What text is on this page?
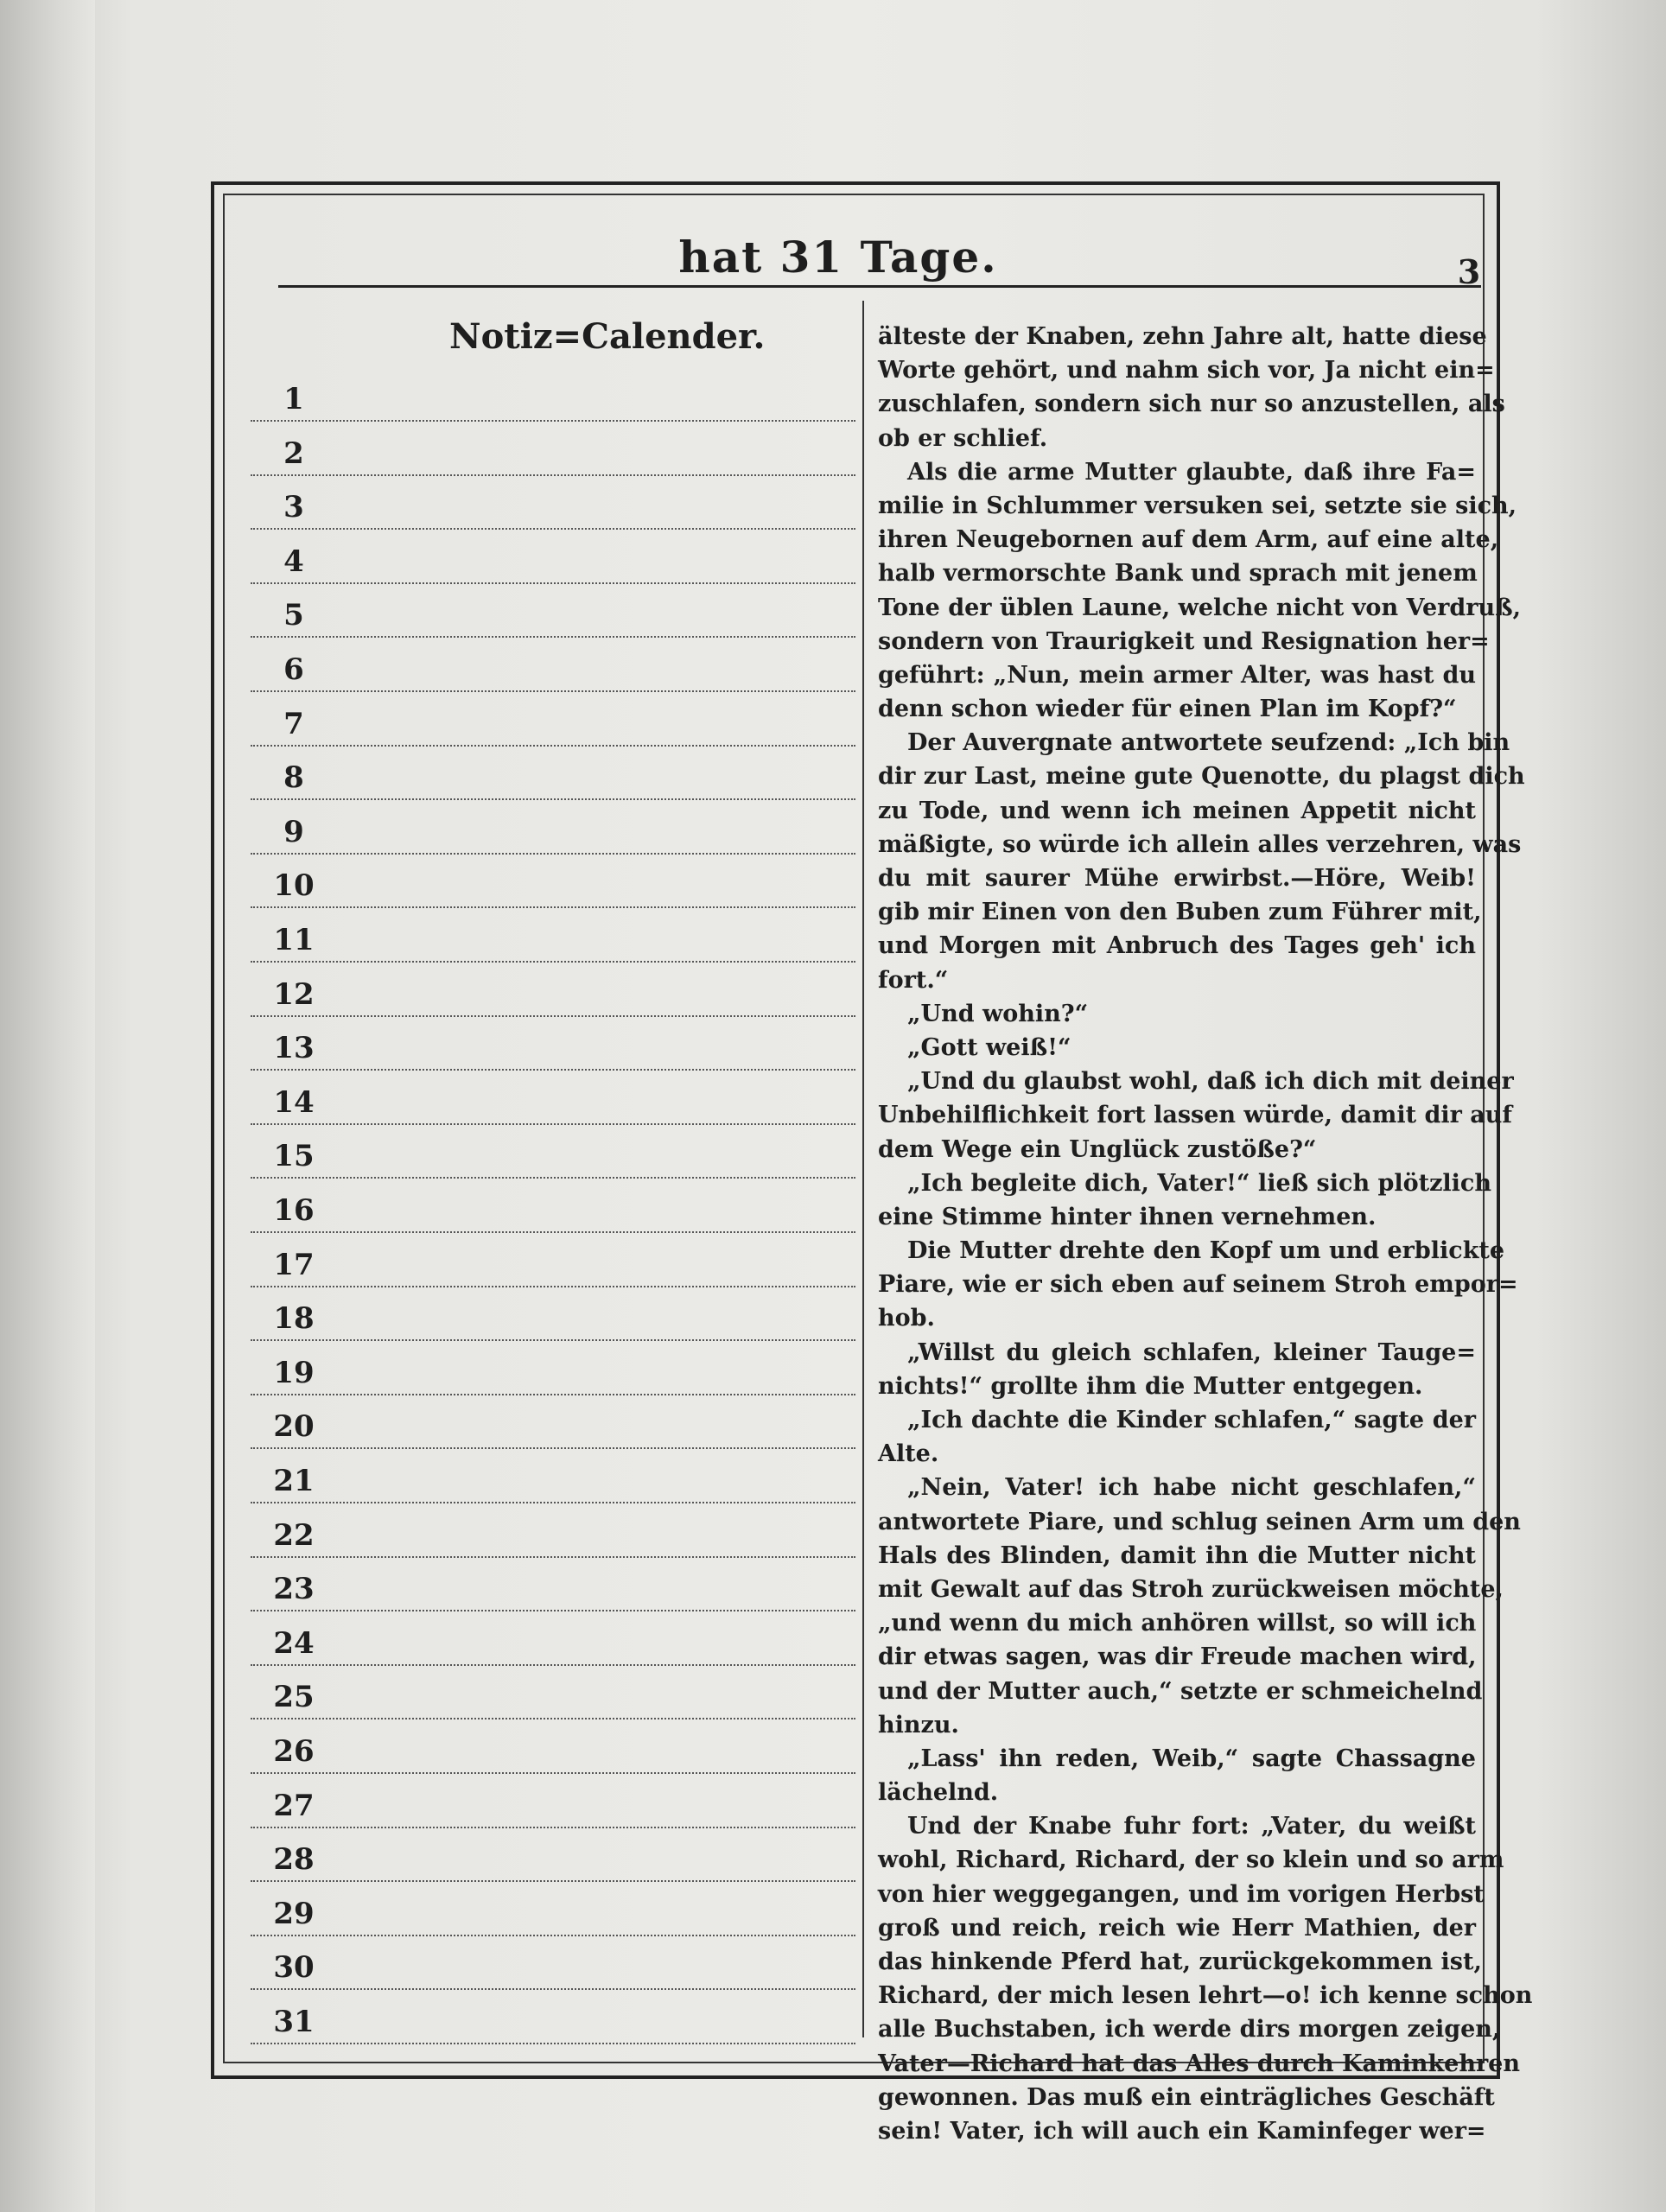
hat 31 Tage.	3
Notiz=Calender.
1
2
3
4
5
6
7
8
9
10
11
12
13
14
15
16
17
18
19
20
21
22
23
24
25
26
27
28
29
30
31
älteste der Knaben, zehn Jahre alt, hatte diese
Worte gehört, und nahm sich vor, Ja nicht ein=
zuschlafen, sondern sich nur so anzustellen, als
ob er schlief.
Als die arme Mutter glaubte, daß ihre Fa=
milie in Schlummer versuken sei, setzte sie sich,
ihren Neugebornen auf dem Arm, auf eine alte,
halb vermorschte Bank und sprach mit jenem
Tone der üblen Laune, welche nicht von Verdruß,
sondern von Traurigkeit und Resignation her=
geführt: „Nun, mein armer Alter, was hast du
denn schon wieder für einen Plan im Kopf?“
Der Auvergnate antwortete seufzend: „Ich bin
dir zur Last, meine gute Quenotte, du plagst dich
zu Tode, und wenn ich meinen Appetit nicht
mäßigte, so würde ich allein alles verzehren, was
du mit saurer Mühe erwirbst.—Höre, Weib!
gib mir Einen von den Buben zum Führer mit,
und Morgen mit Anbruch des Tages geh' ich
fort.“
„Und wohin?“
„Gott weiß!“
„Und du glaubst wohl, daß ich dich mit deiner
Unbehilflichkeit fort lassen würde, damit dir auf
dem Wege ein Unglück zustöße?“
„Ich begleite dich, Vater!“ ließ sich plötzlich
eine Stimme hinter ihnen vernehmen.
Die Mutter drehte den Kopf um und erblickte
Piare, wie er sich eben auf seinem Stroh empor=
hob.
„Willst du gleich schlafen, kleiner Tauge=
nichts!“ grollte ihm die Mutter entgegen.
„Ich dachte die Kinder schlafen,“ sagte der
Alte.
„Nein, Vater! ich habe nicht geschlafen,“
antwortete Piare, und schlug seinen Arm um den
Hals des Blinden, damit ihn die Mutter nicht
mit Gewalt auf das Stroh zurückweisen möchte,
„und wenn du mich anhören willst, so will ich
dir etwas sagen, was dir Freude machen wird,
und der Mutter auch,“ setzte er schmeichelnd
hinzu.
„Lass' ihn reden, Weib,“ sagte Chassagne
lächelnd.
Und der Knabe fuhr fort: „Vater, du weißt
wohl, Richard, Richard, der so klein und so arm
von hier weggegangen, und im vorigen Herbst
groß und reich, reich wie Herr Mathien, der
das hinkende Pferd hat, zurückgekommen ist,
Richard, der mich lesen lehrt—o! ich kenne schon
alle Buchstaben, ich werde dirs morgen zeigen,
Vater—Richard hat das Alles durch Kaminkehren
gewonnen. Das muß ein einträgliches Geschäft
sein! Vater, ich will auch ein Kaminfeger wer=
